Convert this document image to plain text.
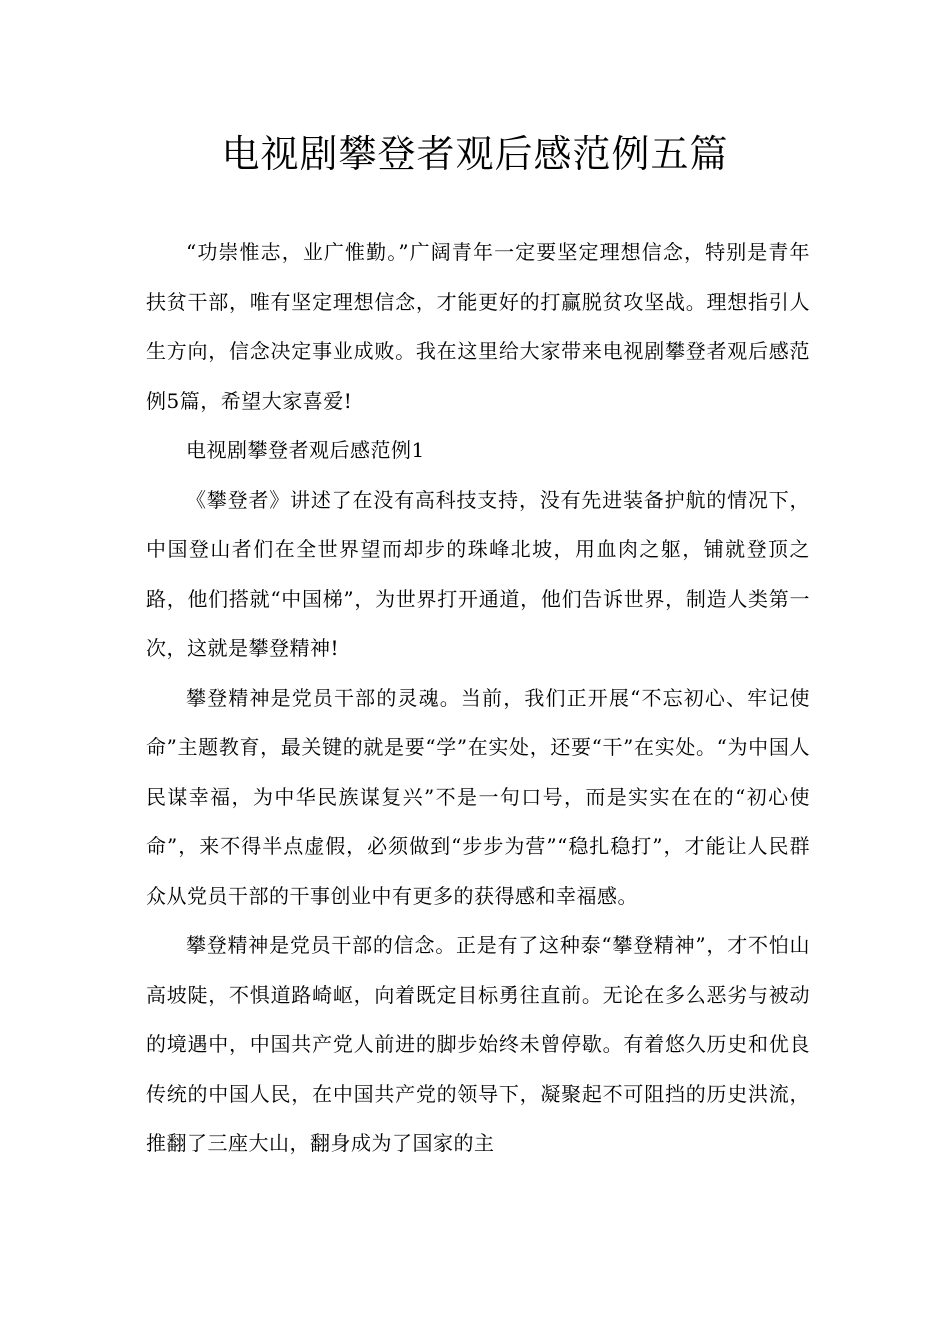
电视剧攀登者观后感范例五篇

“功崇惟志，业广惟勤。”广阔青年一定要坚定理想信念，特别是青年扶贫干部，唯有坚定理想信念，才能更好的打赢脱贫攻坚战。理想指引人生方向，信念决定事业成败。我在这里给大家带来电视剧攀登者观后感范例5篇，希望大家喜爱!

电视剧攀登者观后感范例1

《攀登者》讲述了在没有高科技支持，没有先进装备护航的情况下，中国登山者们在全世界望而却步的珠峰北坡，用血肉之躯，铺就登顶之路，他们搭就“中国梯”，为世界打开通道，他们告诉世界，制造人类第一次，这就是攀登精神!

攀登精神是党员干部的灵魂。当前，我们正开展“不忘初心、牢记使命”主题教育，最关键的就是要“学”在实处，还要“干”在实处。“为中国人民谋幸福，为中华民族谋复兴”不是一句口号，而是实实在在的“初心使命”，来不得半点虚假，必须做到“步步为营”“稳扎稳打”，才能让人民群众从党员干部的干事创业中有更多的获得感和幸福感。

攀登精神是党员干部的信念。正是有了这种泰“攀登精神”，才不怕山高坡陡，不惧道路崎岖，向着既定目标勇往直前。无论在多么恶劣与被动的境遇中，中国共产党人前进的脚步始终未曾停歇。有着悠久历史和优良传统的中国人民，在中国共产党的领导下，凝聚起不可阻挡的历史洪流，推翻了三座大山，翻身成为了国家的主
